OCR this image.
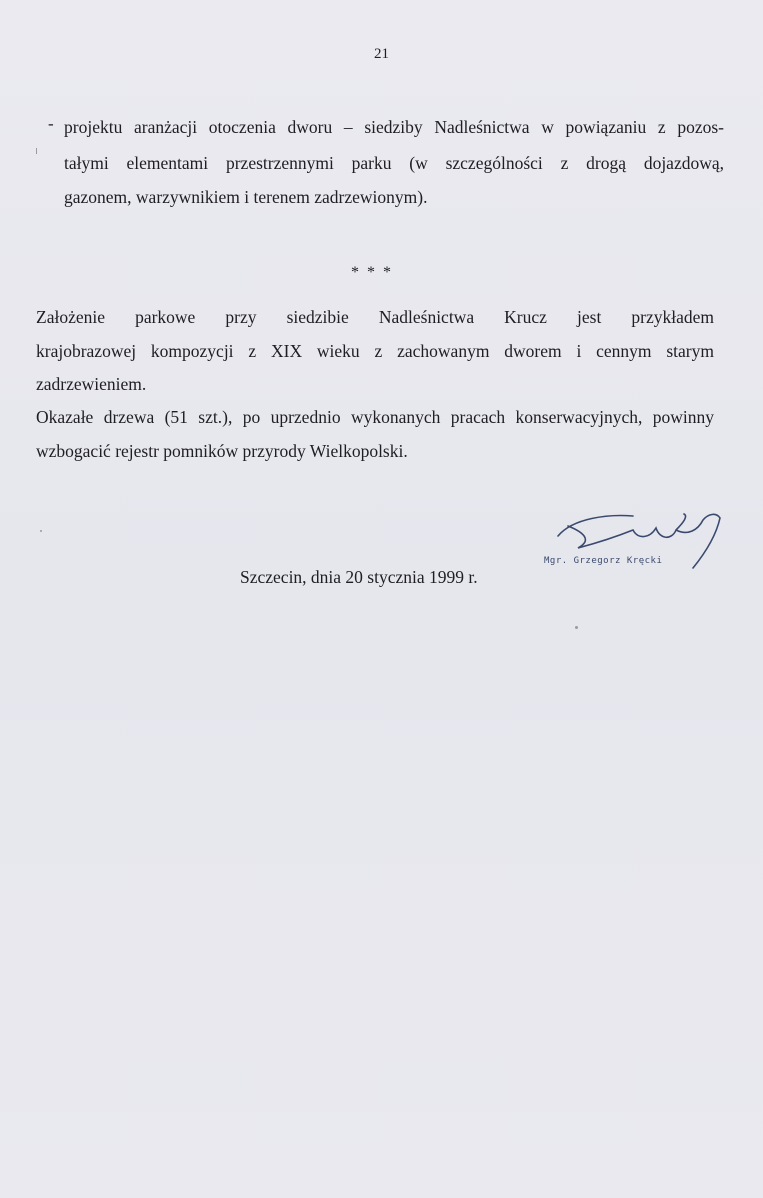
21
- projektu aranżacji otoczenia dworu – siedziby Nadleśnictwa w powiązaniu z pozos-
tałymi elementami przestrzennymi parku (w szczególności z drogą dojazdową,
gazonem, warzywnikiem i terenem zadrzewionym).
* * *
Założenie parkowe przy siedzibie Nadleśnictwa Krucz jest przykładem
krajobrazowej kompozycji z XIX wieku z zachowanym dworem i cennym starym
zadrzewieniem.
Okazałe drzewa (51 szt.), po uprzednio wykonanych pracach konserwacyjnych, powinny
wzbogacić rejestr pomników przyrody Wielkopolski.
Mgr. Grzegorz Kręcki
Szczecin, dnia 20 stycznia 1999 r.
